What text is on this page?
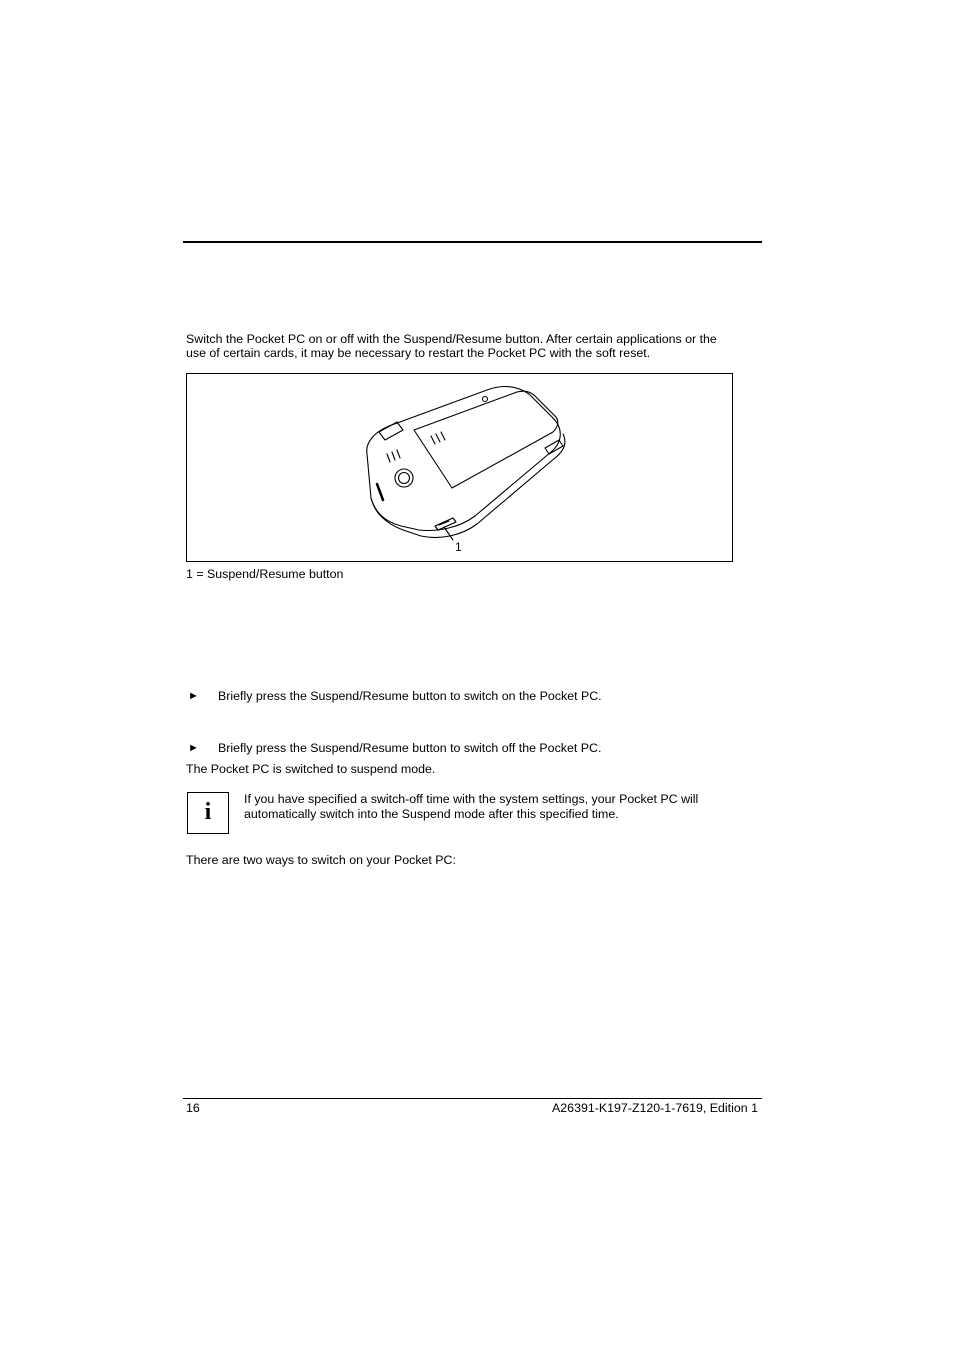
Switch the Pocket PC on or off with the Suspend/Resume button. After certain applications or the
use of certain cards, it may be necessary to restart the Pocket PC with the soft reset.
1
1 = Suspend/Resume button
► Briefly press the Suspend/Resume button to switch on the Pocket PC.
► Briefly press the Suspend/Resume button to switch off the Pocket PC.
The Pocket PC is switched to suspend mode.
i	If you have specified a switch-off time with the system settings, your Pocket PC will
automatically switch into the Suspend mode after this specified time.
There are two ways to switch on your Pocket PC:
16	A26391-K197-Z120-1-7619, Edition 1
